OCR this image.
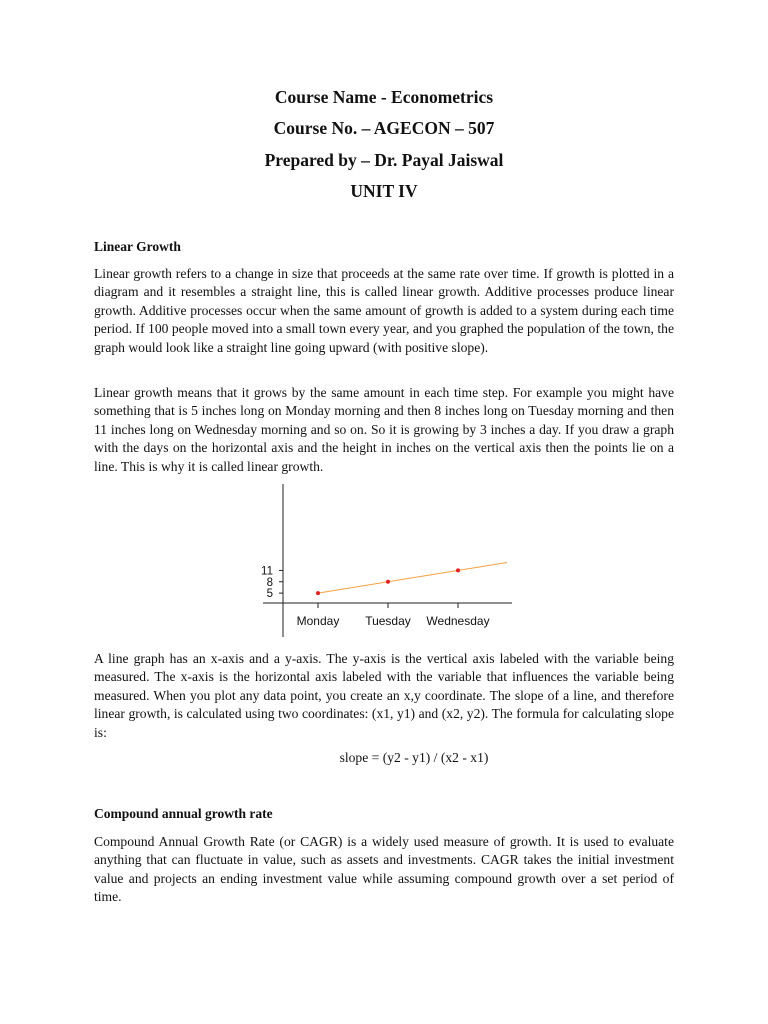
Course Name - Econometrics
Course No. – AGECON – 507
Prepared by – Dr. Payal Jaiswal
UNIT IV
Linear Growth

Linear growth refers to a change in size that proceeds at the same rate over time. If growth is plotted in a diagram and it resembles a straight line, this is called linear growth. Additive processes produce linear growth. Additive processes occur when the same amount of growth is added to a system during each time period. If 100 people moved into a small town every year, and you graphed the population of the town, the graph would look like a straight line going upward (with positive slope).

Linear growth means that it grows by the same amount in each time step. For example you might have something that is 5 inches long on Monday morning and then 8 inches long on Tuesday morning and then 11 inches long on Wednesday morning and so on. So it is growing by 3 inches a day. If you draw a graph with the days on the horizontal axis and the height in inches on the vertical axis then the points lie on a line. This is why it is called linear growth.

5
8
11
Monday Tuesday Wednesday

A line graph has an x-axis and a y-axis. The y-axis is the vertical axis labeled with the variable being measured. The x-axis is the horizontal axis labeled with the variable that influences the variable being measured. When you plot any data point, you create an x,y coordinate. The slope of a line, and therefore linear growth, is calculated using two coordinates: (x1, y1) and (x2, y2). The formula for calculating slope is:

slope = (y2 - y1) / (x2 - x1)
Compound annual growth rate

Compound Annual Growth Rate (or CAGR) is a widely used measure of growth. It is used to evaluate anything that can fluctuate in value, such as assets and investments. CAGR takes the initial investment value and projects an ending investment value while assuming compound growth over a set period of time.
